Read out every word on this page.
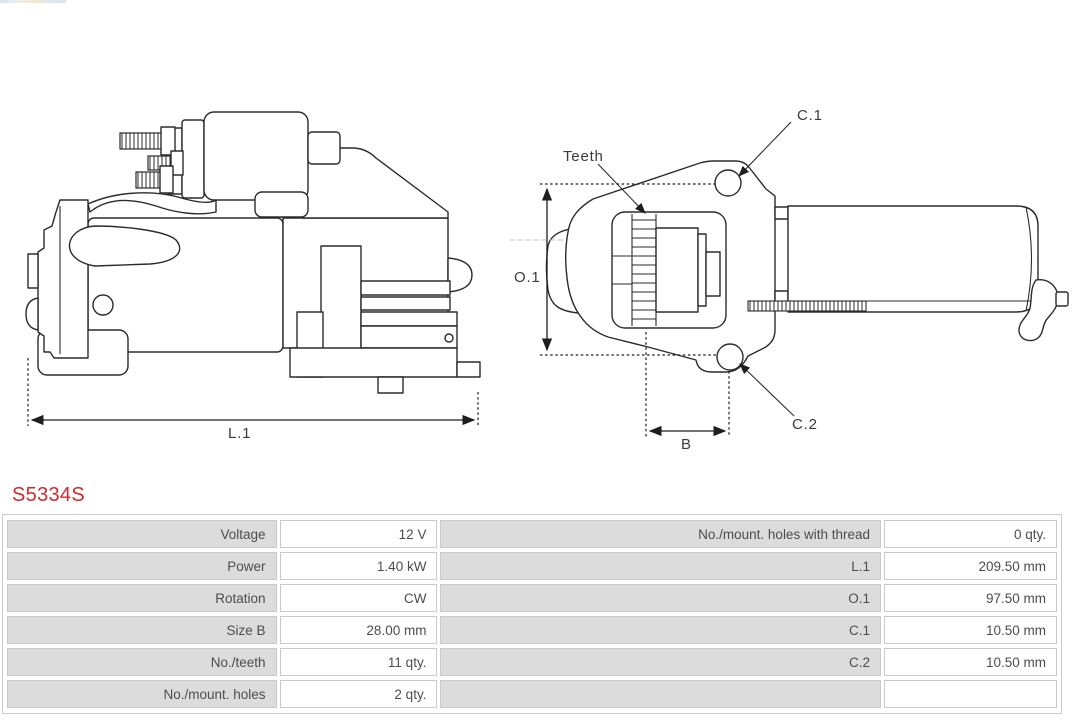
L.1
O.1
B
Teeth
C.1
C.2
S5334S
Voltage	12 V	No./mount. holes with thread	0 qty.
Power	1.40 kW	L.1	209.50 mm
Rotation	CW	O.1	97.50 mm
Size B	28.00 mm	C.1	10.50 mm
No./teeth	11 qty.	C.2	10.50 mm
No./mount. holes	2 qty.		
